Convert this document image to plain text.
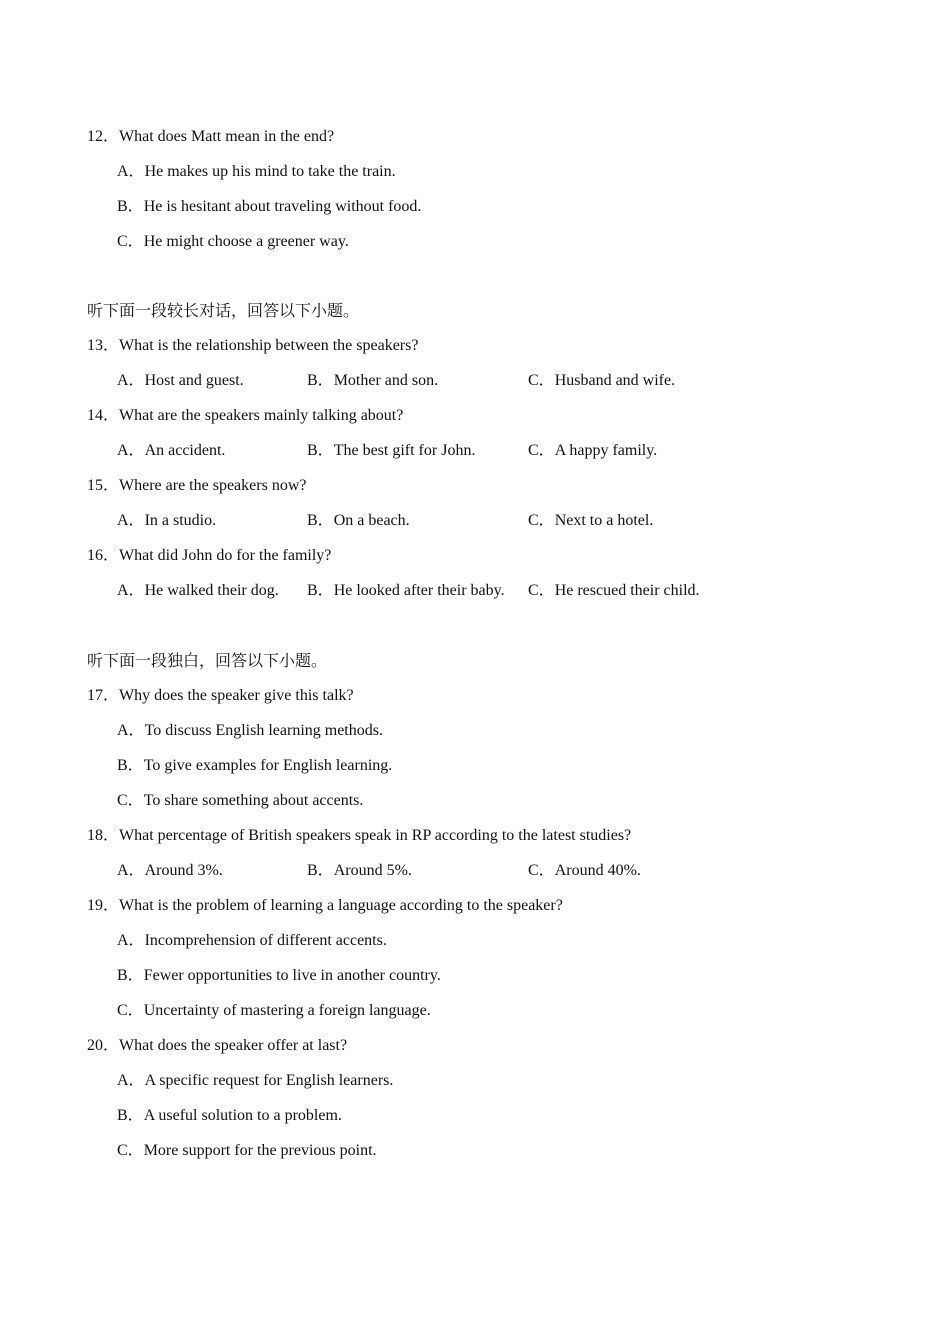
12．What does Matt mean in the end?
A．He makes up his mind to take the train.
B．He is hesitant about traveling without food.
C．He might choose a greener way.
听下面一段较长对话，回答以下小题。
13．What is the relationship between the speakers?
A．Host and guest.	B．Mother and son.	C．Husband and wife.
14．What are the speakers mainly talking about?
A．An accident.	B．The best gift for John.	C．A happy family.
15．Where are the speakers now?
A．In a studio.	B．On a beach.	C．Next to a hotel.
16．What did John do for the family?
A．He walked their dog. B．He looked after their baby. C．He rescued their child.
听下面一段独白，回答以下小题。
17．Why does the speaker give this talk?
A．To discuss English learning methods.
B．To give examples for English learning.
C．To share something about accents.
18．What percentage of British speakers speak in RP according to the latest studies?
A．Around 3%.	B．Around 5%.	C．Around 40%.
19．What is the problem of learning a language according to the speaker?
A．Incomprehension of different accents.
B．Fewer opportunities to live in another country.
C．Uncertainty of mastering a foreign language.
20．What does the speaker offer at last?
A．A specific request for English learners.
B．A useful solution to a problem.
C．More support for the previous point.
